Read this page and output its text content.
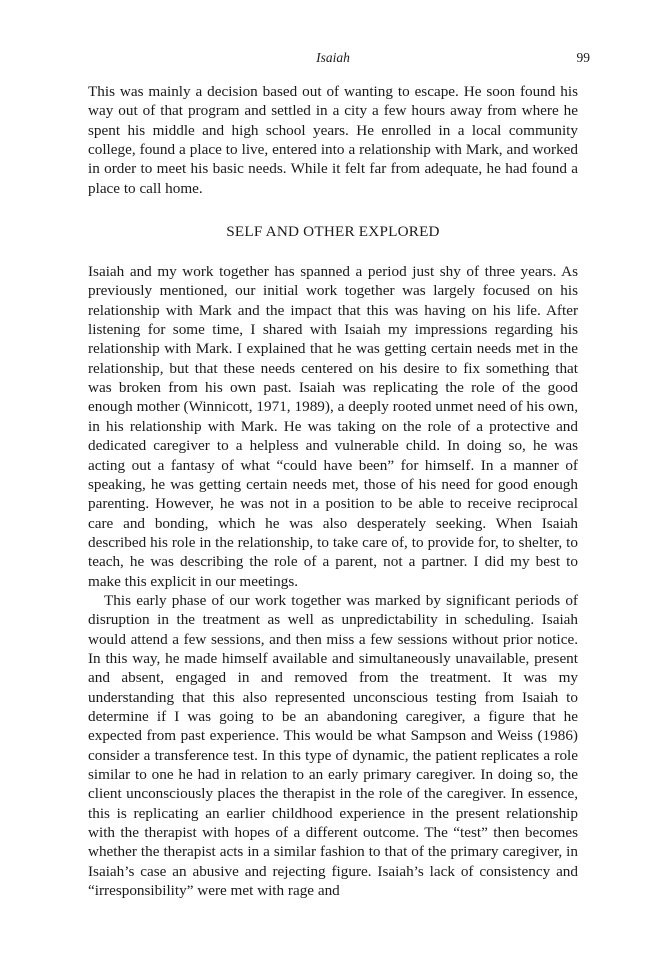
Isaiah	99

This was mainly a decision based out of wanting to escape. He soon found his way out of that program and settled in a city a few hours away from where he spent his middle and high school years. He enrolled in a local community college, found a place to live, entered into a relationship with Mark, and worked in order to meet his basic needs. While it felt far from adequate, he had found a place to call home.

SELF AND OTHER EXPLORED

Isaiah and my work together has spanned a period just shy of three years. As previously mentioned, our initial work together was largely focused on his relationship with Mark and the impact that this was having on his life. After listening for some time, I shared with Isaiah my impressions regarding his relationship with Mark. I explained that he was getting certain needs met in the relationship, but that these needs centered on his desire to fix something that was broken from his own past. Isaiah was replicating the role of the good enough mother (Winnicott, 1971, 1989), a deeply rooted unmet need of his own, in his relationship with Mark. He was taking on the role of a protective and dedicated caregiver to a helpless and vulnerable child. In doing so, he was acting out a fantasy of what “could have been” for himself. In a manner of speaking, he was getting certain needs met, those of his need for good enough parenting. However, he was not in a position to be able to receive reciprocal care and bonding, which he was also desperately seeking. When Isaiah described his role in the relationship, to take care of, to provide for, to shelter, to teach, he was describing the role of a parent, not a partner. I did my best to make this explicit in our meetings.

This early phase of our work together was marked by significant periods of disruption in the treatment as well as unpredictability in scheduling. Isaiah would attend a few sessions, and then miss a few sessions without prior notice. In this way, he made himself available and simultaneously unavailable, present and absent, engaged in and removed from the treatment. It was my understanding that this also represented unconscious testing from Isaiah to determine if I was going to be an abandoning caregiver, a figure that he expected from past experience. This would be what Sampson and Weiss (1986) consider a transference test. In this type of dynamic, the patient replicates a role similar to one he had in relation to an early primary caregiver. In doing so, the client unconsciously places the therapist in the role of the caregiver. In essence, this is replicating an earlier childhood experience in the present relationship with the therapist with hopes of a different outcome. The “test” then becomes whether the therapist acts in a similar fashion to that of the primary caregiver, in Isaiah’s case an abusive and rejecting figure. Isaiah’s lack of consistency and “irresponsibility” were met with rage and
